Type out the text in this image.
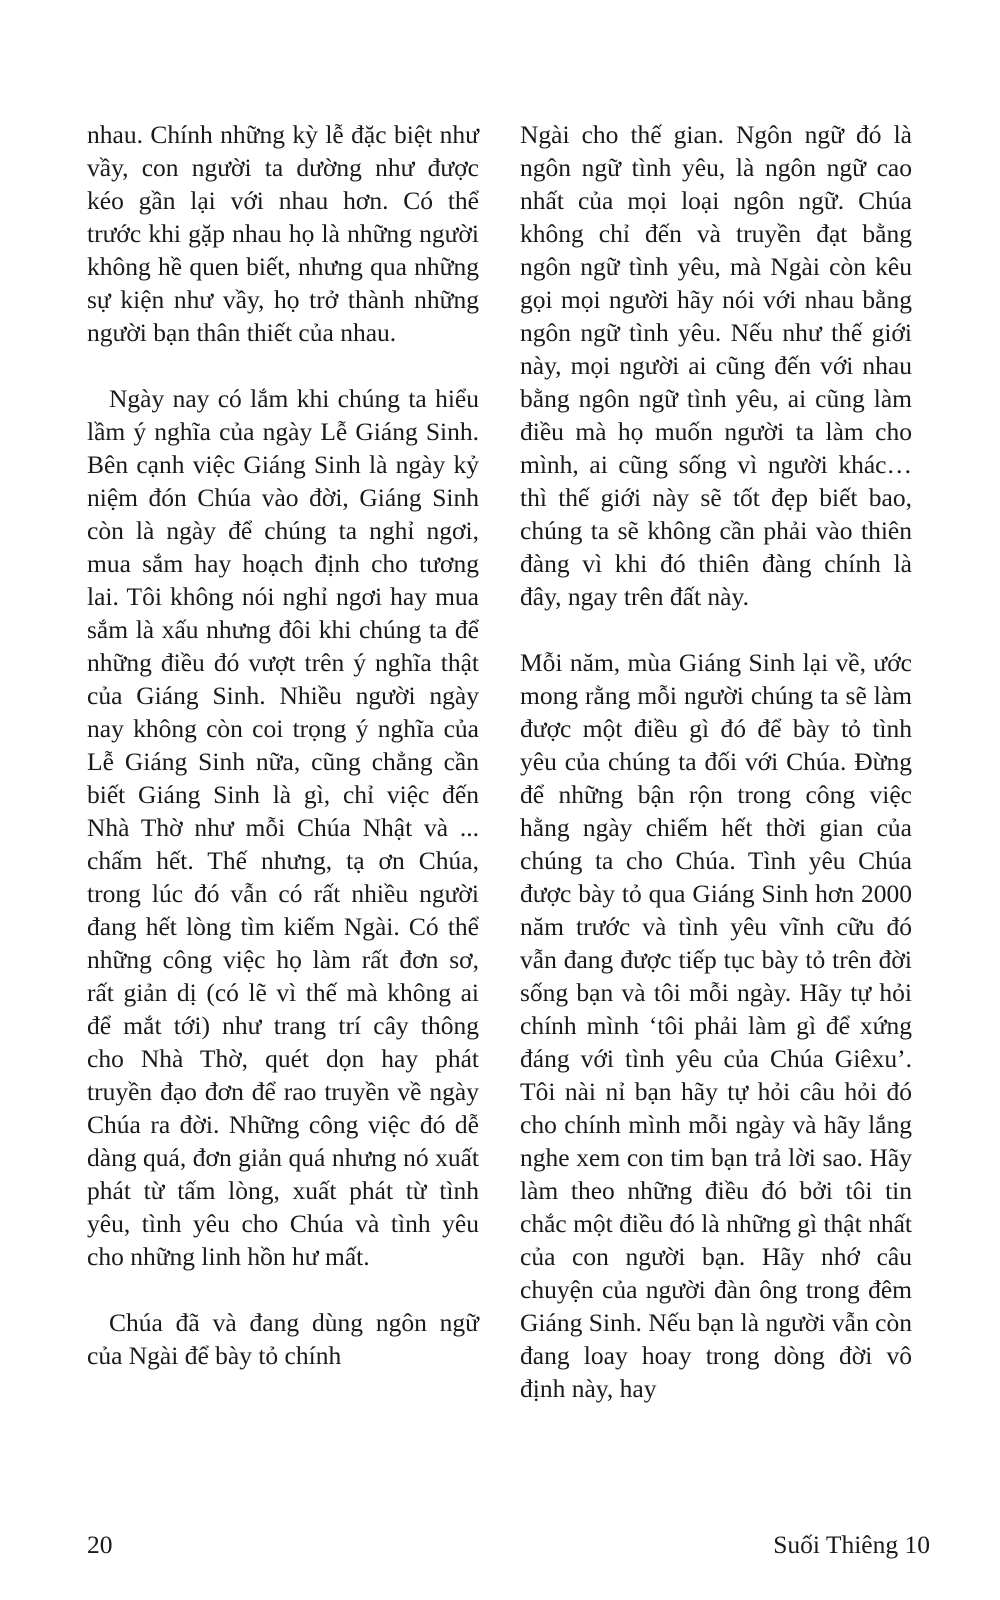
nhau. Chính những kỳ lễ đặc biệt như vầy, con người ta dường như được kéo gần lại với nhau hơn. Có thể trước khi gặp nhau họ là những người không hề quen biết, nhưng qua những sự kiện như vầy, họ trở thành những người bạn thân thiết của nhau.

Ngày nay có lắm khi chúng ta hiểu lầm ý nghĩa của ngày Lễ Giáng Sinh. Bên cạnh việc Giáng Sinh là ngày kỷ niệm đón Chúa vào đời, Giáng Sinh còn là ngày để chúng ta nghỉ ngơi, mua sắm hay hoạch định cho tương lai. Tôi không nói nghỉ ngơi hay mua sắm là xấu nhưng đôi khi chúng ta để những điều đó vượt trên ý nghĩa thật của Giáng Sinh. Nhiều người ngày nay không còn coi trọng ý nghĩa của Lễ Giáng Sinh nữa, cũng chẳng cần biết Giáng Sinh là gì, chỉ việc đến Nhà Thờ như mỗi Chúa Nhật và ... chấm hết. Thế nhưng, tạ ơn Chúa, trong lúc đó vẫn có rất nhiều người đang hết lòng tìm kiếm Ngài. Có thể những công việc họ làm rất đơn sơ, rất giản dị (có lẽ vì thế mà không ai để mắt tới) như trang trí cây thông cho Nhà Thờ, quét dọn hay phát truyền đạo đơn để rao truyền về ngày Chúa ra đời. Những công việc đó dễ dàng quá, đơn giản quá nhưng nó xuất phát từ tấm lòng, xuất phát từ tình yêu, tình yêu cho Chúa và tình yêu cho những linh hồn hư mất.

Chúa đã và đang dùng ngôn ngữ của Ngài để bày tỏ chính

Ngài cho thế gian. Ngôn ngữ đó là ngôn ngữ tình yêu, là ngôn ngữ cao nhất của mọi loại ngôn ngữ. Chúa không chỉ đến và truyền đạt bằng ngôn ngữ tình yêu, mà Ngài còn kêu gọi mọi người hãy nói với nhau bằng ngôn ngữ tình yêu. Nếu như thế giới này, mọi người ai cũng đến với nhau bằng ngôn ngữ tình yêu, ai cũng làm điều mà họ muốn người ta làm cho mình, ai cũng sống vì người khác… thì thế giới này sẽ tốt đẹp biết bao, chúng ta sẽ không cần phải vào thiên đàng vì khi đó thiên đàng chính là đây, ngay trên đất này.

Mỗi năm, mùa Giáng Sinh lại về, ước mong rằng mỗi người chúng ta sẽ làm được một điều gì đó để bày tỏ tình yêu của chúng ta đối với Chúa. Đừng để những bận rộn trong công việc hằng ngày chiếm hết thời gian của chúng ta cho Chúa. Tình yêu Chúa được bày tỏ qua Giáng Sinh hơn 2000 năm trước và tình yêu vĩnh cữu đó vẫn đang được tiếp tục bày tỏ trên đời sống bạn và tôi mỗi ngày. Hãy tự hỏi chính mình ‘tôi phải làm gì để xứng đáng với tình yêu của Chúa Giêxu’. Tôi nài nỉ bạn hãy tự hỏi câu hỏi đó cho chính mình mỗi ngày và hãy lắng nghe xem con tim bạn trả lời sao. Hãy làm theo những điều đó bởi tôi tin chắc một điều đó là những gì thật nhất của con người bạn. Hãy nhớ câu chuyện của người đàn ông trong đêm Giáng Sinh. Nếu bạn là người vẫn còn đang loay hoay trong dòng đời vô định này, hay

20	Suối Thiêng 10
